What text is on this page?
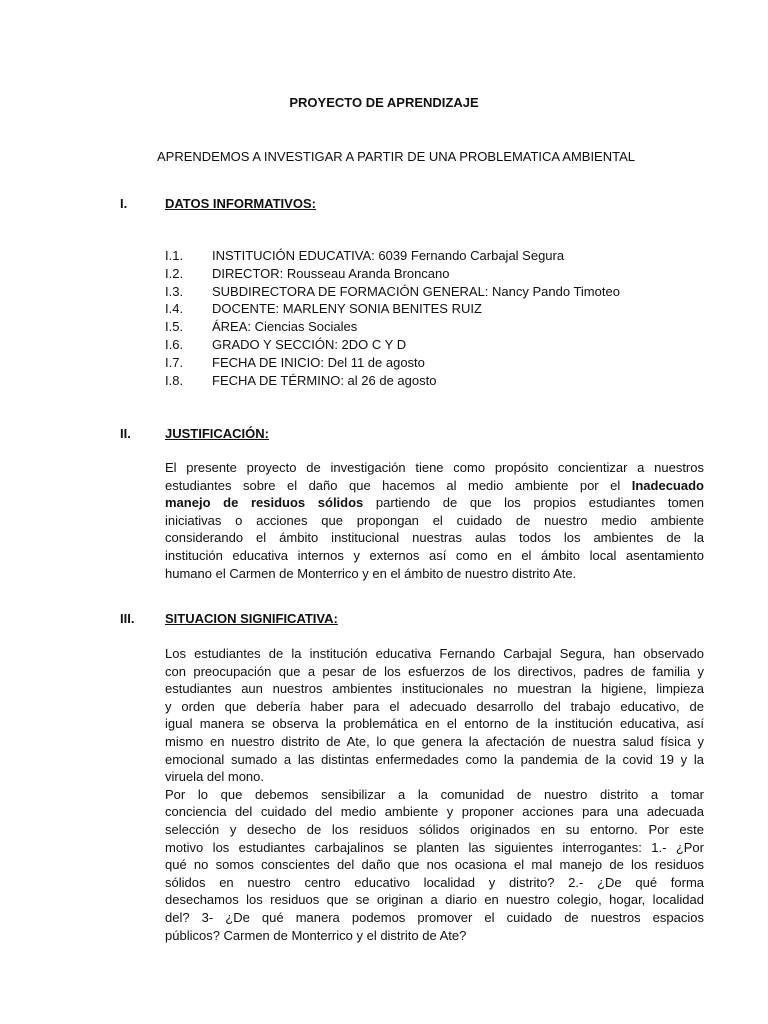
PROYECTO DE APRENDIZAJE
APRENDEMOS A INVESTIGAR A PARTIR DE UNA PROBLEMATICA AMBIENTAL
I.	DATOS INFORMATIVOS:
I.1. INSTITUCIÓN EDUCATIVA: 6039 Fernando Carbajal Segura
I.2. DIRECTOR: Rousseau Aranda Broncano
I.3. SUBDIRECTORA DE FORMACIÓN GENERAL: Nancy Pando Timoteo
I.4. DOCENTE: MARLENY SONIA BENITES RUIZ
I.5. ÁREA: Ciencias Sociales
I.6. GRADO Y SECCIÓN: 2DO C Y D
I.7. FECHA DE INICIO: Del 11 de agosto
I.8. FECHA DE TÉRMINO: al 26 de agosto
II.	JUSTIFICACIÓN:
El presente proyecto de investigación tiene como propósito concientizar a nuestros
estudiantes sobre el daño que hacemos al medio ambiente por el Inadecuado
manejo de residuos sólidos partiendo de que los propios estudiantes tomen
iniciativas o acciones que propongan el cuidado de nuestro medio ambiente
considerando el ámbito institucional nuestras aulas todos los ambientes de la
institución educativa internos y externos así como en el ámbito local asentamiento
humano el Carmen de Monterrico y en el ámbito de nuestro distrito Ate.
III. SITUACION SIGNIFICATIVA:
Los estudiantes de la institución educativa Fernando Carbajal Segura, han observado
con preocupación que a pesar de los esfuerzos de los directivos, padres de familia y
estudiantes aun nuestros ambientes institucionales no muestran la higiene, limpieza
y orden que debería haber para el adecuado desarrollo del trabajo educativo, de
igual manera se observa la problemática en el entorno de la institución educativa, así
mismo en nuestro distrito de Ate, lo que genera la afectación de nuestra salud física y
emocional sumado a las distintas enfermedades como la pandemia de la covid 19 y la
viruela del mono.
Por lo que debemos sensibilizar a la comunidad de nuestro distrito a tomar
conciencia del cuidado del medio ambiente y proponer acciones para una adecuada
selección y desecho de los residuos sólidos originados en su entorno. Por este
motivo los estudiantes carbajalinos se planten las siguientes interrogantes: 1.- ¿Por
qué no somos conscientes del daño que nos ocasiona el mal manejo de los residuos
sólidos en nuestro centro educativo localidad y distrito? 2.- ¿De qué forma
desechamos los residuos que se originan a diario en nuestro colegio, hogar, localidad
del? 3- ¿De qué manera podemos promover el cuidado de nuestros espacios
públicos? Carmen de Monterrico y el distrito de Ate?
